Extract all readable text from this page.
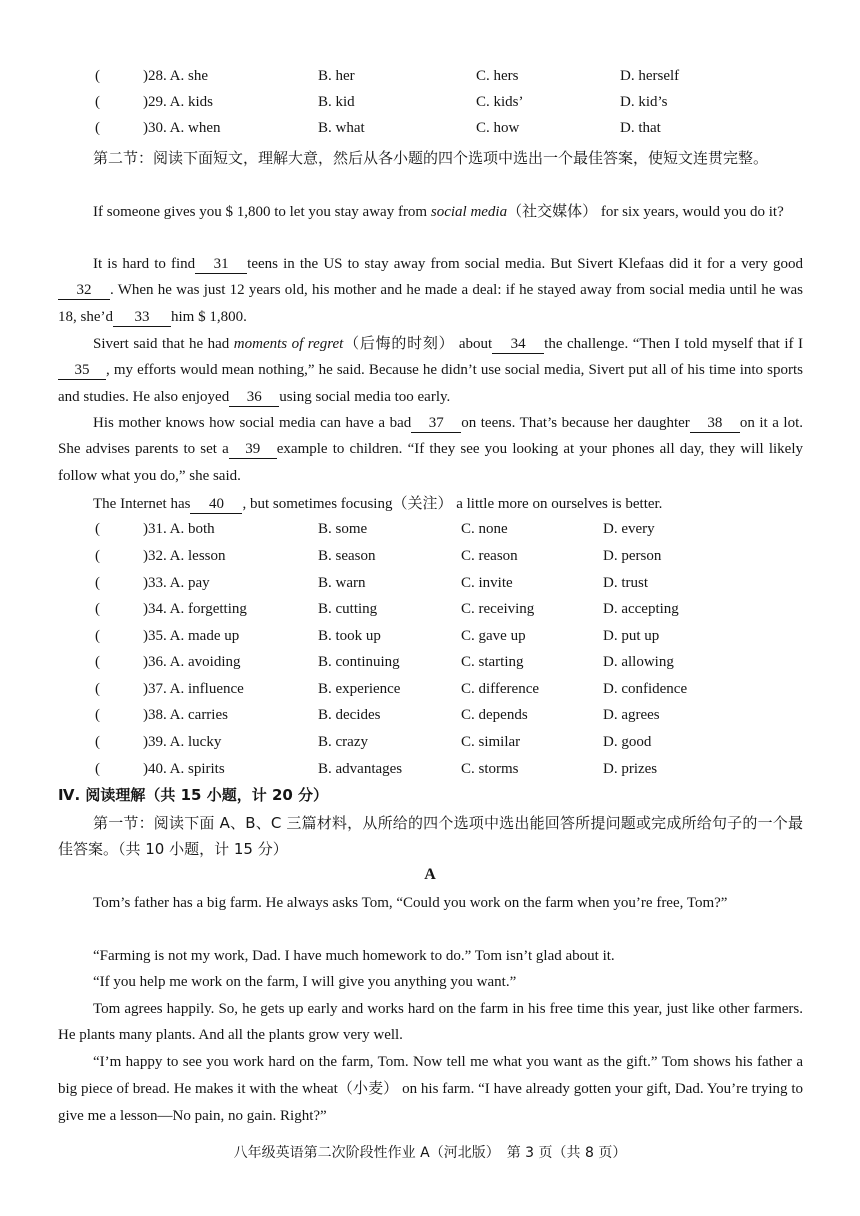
(	)28. A. she	B. her	C. hers	D. herself
(	)29. A. kids	B. kid	C. kids’	D. kid’s
(	)30. A. when	B. what	C. how	D. that
第二节：阅读下面短文，理解大意，然后从各小题的四个选项中选出一个最佳答案，使短文连贯完整。
If someone gives you $ 1,800 to let you stay away from social media（社交媒体） for six years, would you do it?
It is hard to find 31 teens in the US to stay away from social media. But Sivert Klefaas did it for a very good32 . When he was just 12 years old, his mother and he made a deal: if he stayed away from social media until he was 18, she’d 33 him $ 1,800.
Sivert said that he had moments of regret（后悔的时刻） about 34 the challenge. “Then I told myself that if I35 , my efforts would mean nothing,” he said. Because he didn’t use social media, Sivert put all of his time into sports and studies. He also enjoyed 36 using social media too early.
His mother knows how social media can have a bad 37 on teens. That’s because her daughter 38 on it a lot. She advises parents to set a 39 example to children. “If they see you looking at your phones all day, they will likely follow what you do,” she said.
The Internet has 40 , but sometimes focusing（关注） a little more on ourselves is better.
(	)31. A. both	B. some	C. none	D. every
(	)32. A. lesson	B. season	C. reason	D. person
(	)33. A. pay	B. warn	C. invite	D. trust
(	)34. A. forgetting	B. cutting	C. receiving	D. accepting
(	)35. A. made up	B. took up	C. gave up	D. put up
(	)36. A. avoiding	B. continuing	C. starting	D. allowing
(	)37. A. influence	B. experience	C. difference	D. confidence
(	)38. A. carries	B. decides	C. depends	D. agrees
(	)39. A. lucky	B. crazy	C. similar	D. good
(	)40. A. spirits	B. advantages	C. storms	D. prizes
Ⅳ. 阅读理解（共 15 小题，计 20 分）
第一节：阅读下面 A、B、C 三篇材料，从所给的四个选项中选出能回答所提问题或完成所给句子的一个最佳答案。（共 10 小题，计 15 分）
A
Tom’s father has a big farm. He always asks Tom, “Could you work on the farm when you’re free, Tom?”
“Farming is not my work, Dad. I have much homework to do.” Tom isn’t glad about it.
“If you help me work on the farm, I will give you anything you want.”
Tom agrees happily. So, he gets up early and works hard on the farm in his free time this year, just like other farmers. He plants many plants. And all the plants grow very well.
“I’m happy to see you work hard on the farm, Tom. Now tell me what you want as the gift.” Tom shows his father a big piece of bread. He makes it with the wheat（小麦） on his farm. “I have already gotten your gift, Dad. You’re trying to give me a lesson—No pain, no gain. Right?”
八年级英语第二次阶段性作业 A（河北版）　第 3 页（共 8 页）
